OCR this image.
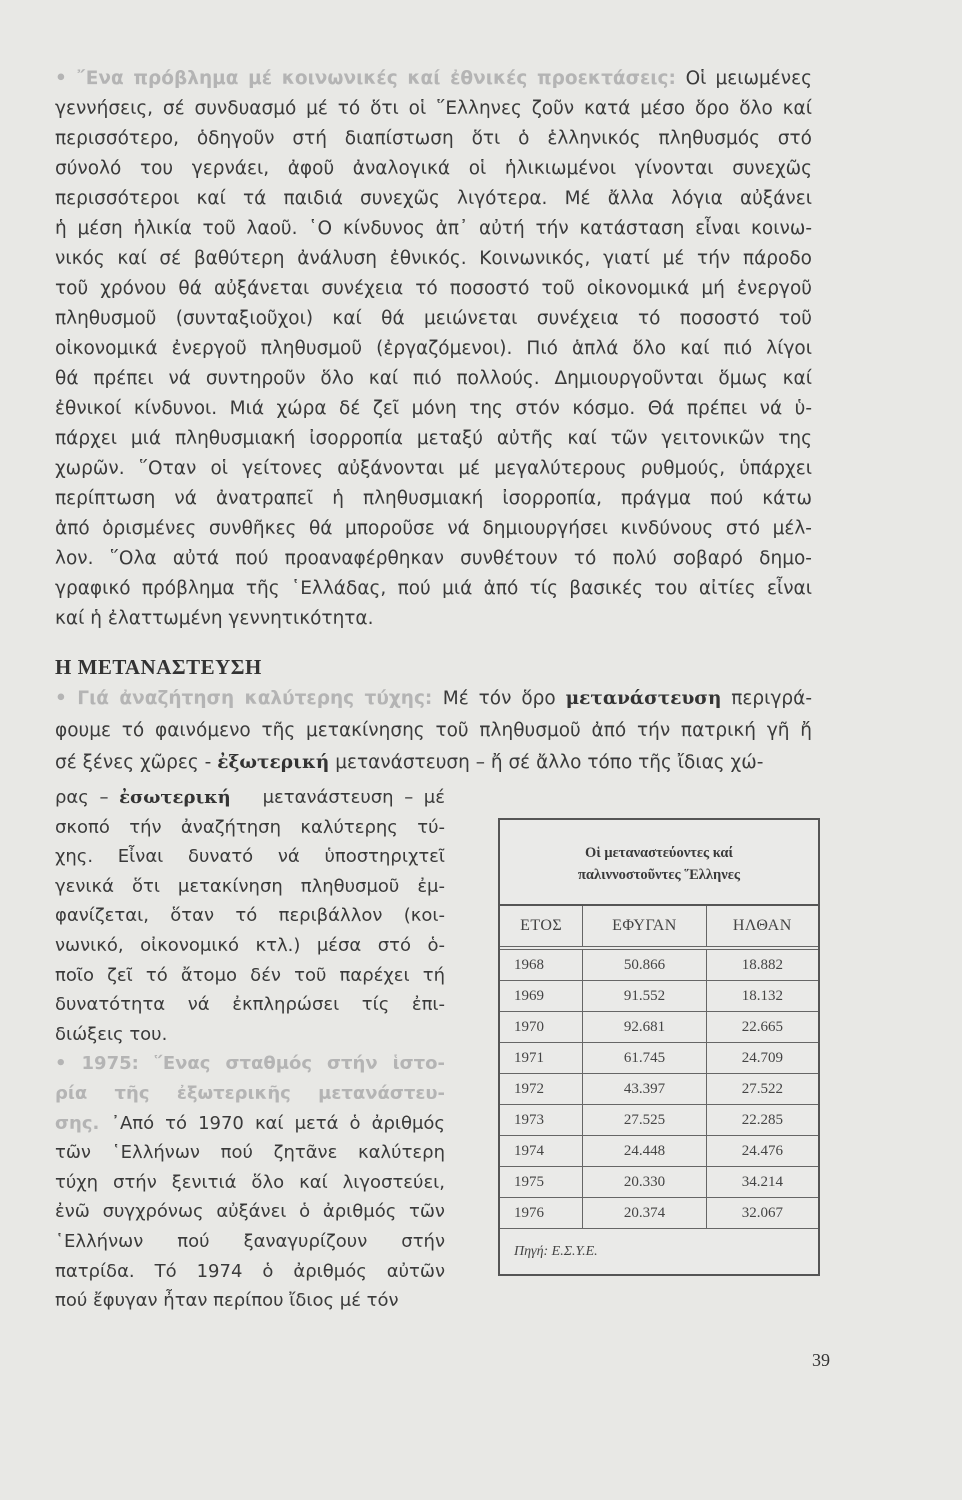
• ῎Ενα πρόβλημα μέ κοινωνικές καί ἐθνικές προεκτάσεις: Οἱ μειωμένες
γεννήσεις, σέ συνδυασμό μέ τό ὅτι οἱ ῞Ελληνες ζοῦν κατά μέσο ὅρο ὅλο καί
περισσότερο, ὁδηγοῦν στή διαπίστωση ὅτι ὁ ἑλληνικός πληθυσμός στό
σύνολό του γερνάει, ἀφοῦ ἀναλογικά οἱ ἡλικιωμένοι γίνονται συνεχῶς
περισσότεροι καί τά παιδιά συνεχῶς λιγότερα. Μέ ἄλλα λόγια αὐξάνει
ἡ μέση ἡλικία τοῦ λαοῦ. ῾Ο κίνδυνος ἀπ᾿ αὐτή τήν κατάσταση εἶναι κοινω-
νικός καί σέ βαθύτερη ἀνάλυση ἐθνικός. Κοινωνικός, γιατί μέ τήν πάροδο
τοῦ χρόνου θά αὐξάνεται συνέχεια τό ποσοστό τοῦ οἰκονομικά μή ἐνεργοῦ
πληθυσμοῦ (συνταξιοῦχοι) καί θά μειώνεται συνέχεια τό ποσοστό τοῦ
οἰκονομικά ἐνεργοῦ πληθυσμοῦ (ἐργαζόμενοι). Πιό ἁπλά ὅλο καί πιό λίγοι
θά πρέπει νά συντηροῦν ὅλο καί πιό πολλούς. Δημιουργοῦνται ὅμως καί
ἐθνικοί κίνδυνοι. Μιά χώρα δέ ζεῖ μόνη της στόν κόσμο. Θά πρέπει νά ὑ-
πάρχει μιά πληθυσμιακή ἰσορροπία μεταξύ αὐτῆς καί τῶν γειτονικῶν της
χωρῶν. ῞Οταν οἱ γείτονες αὐξάνονται μέ μεγαλύτερους ρυθμούς, ὑπάρχει
περίπτωση νά ἀνατραπεῖ ἡ πληθυσμιακή ἰσορροπία, πράγμα πού κάτω
ἀπό ὁρισμένες συνθῆκες θά μποροῦσε νά δημιουργήσει κινδύνους στό μέλ-
λον. ῞Ολα αὐτά πού προαναφέρθηκαν συνθέτουν τό πολύ σοβαρό δημο-
γραφικό πρόβλημα τῆς ῾Ελλάδας, πού μιά ἀπό τίς βασικές του αἰτίες εἶναι
καί ἡ ἐλαττωμένη γεννητικότητα.
Η ΜΕΤΑΝΑΣΤΕΥΣΗ
• Γιά ἀναζήτηση καλύτερης τύχης: Μέ τόν ὅρο μετανάστευση περιγρά-
φουμε τό φαινόμενο τῆς μετακίνησης τοῦ πληθυσμοῦ ἀπό τήν πατρική γῆ ἤ
σέ ξένες χῶρες - ἐξωτερική μετανάστευση – ἤ σέ ἄλλο τόπο τῆς ἴδιας χώ-
ρας – ἐσωτερική   μετανάστευση – μέ
σκοπό τήν ἀναζήτηση καλύτερης τύ-
χης. Εἶναι δυνατό νά ὑποστηριχτεῖ
γενικά ὅτι μετακίνηση πληθυσμοῦ ἐμ-
φανίζεται, ὅταν τό περιβάλλον (κοι-
νωνικό, οἰκονομικό κτλ.) μέσα στό ὁ-
ποῖο ζεῖ τό ἄτομο δέν τοῦ παρέχει τή
δυνατότητα νά ἐκπληρώσει τίς ἐπι-
διώξεις του.
• 1975: ῞Ενας σταθμός στήν ἱστο-
ρία τῆς ἐξωτερικῆς μετανάστευ-
σης. ᾿Από τό 1970 καί μετά ὁ ἀριθμός
τῶν ῾Ελλήνων πού ζητᾶνε καλύτερη
τύχη στήν ξενιτιά ὅλο καί λιγοστεύει,
ἐνῶ συγχρόνως αὐξάνει ὁ ἀριθμός τῶν
῾Ελλήνων πού ξαναγυρίζουν στήν
πατρίδα. Τό 1974 ὁ ἀριθμός αὐτῶν
πού ἔφυγαν ἦταν περίπου ἴδιος μέ τόν
Οἱ μεταναστεύοντες καί
παλιννοστοῦντες ῞Ελληνες
ΕΤΟΣ	ΕΦΥΓΑΝ	ΗΛΘΑΝ
1968	50.866	18.882
1969	91.552	18.132
1970	92.681	22.665
1971	61.745	24.709
1972	43.397	27.522
1973	27.525	22.285
1974	24.448	24.476
1975	20.330	34.214
1976	20.374	32.067
Πηγή: Ε.Σ.Υ.Ε.
39
